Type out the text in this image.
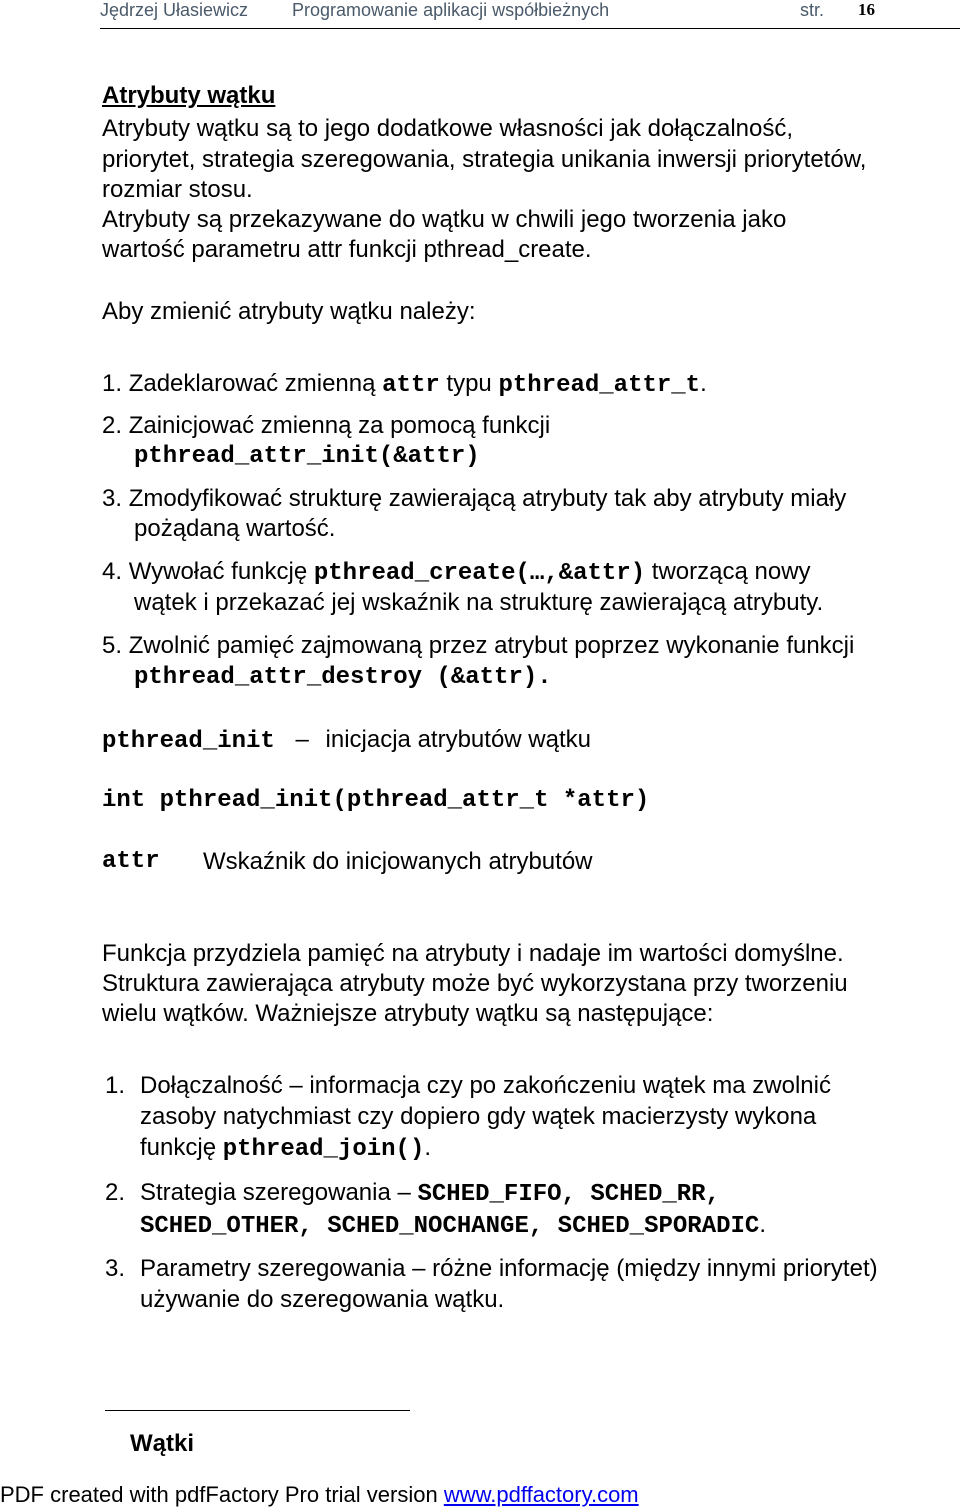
Jędrzej Ułasiewicz Programowanie aplikacji współbieżnych	str. 16
Atrybuty wątku
Atrybuty wątku są to jego dodatkowe własności jak dołączalność,
priorytet, strategia szeregowania, strategia unikania inwersji priorytetów,
rozmiar stosu.
Atrybuty są przekazywane do wątku w chwili jego tworzenia jako
wartość parametru attr funkcji pthread_create.
Aby zmienić atrybuty wątku należy:
1. Zadeklarować zmienną attr typu pthread_attr_t.
2. Zainicjować zmienną za pomocą funkcji
pthread_attr_init(&attr)
3. Zmodyfikować strukturę zawierającą atrybuty tak aby atrybuty miały
pożądaną wartość.
4. Wywołać funkcję pthread_create(…,&attr) tworzącą nowy
wątek i przekazać jej wskaźnik na strukturę zawierającą atrybuty.
5. Zwolnić pamięć zajmowaną przez atrybut poprzez wykonanie funkcji
pthread_attr_destroy (&attr).
pthread_init – inicjacja atrybutów wątku
int pthread_init(pthread_attr_t *attr)
attr Wskaźnik do inicjowanych atrybutów
Funkcja przydziela pamięć na atrybuty i nadaje im wartości domyślne.
Struktura zawierająca atrybuty może być wykorzystana przy tworzeniu
wielu wątków. Ważniejsze atrybuty wątku są następujące:
1. Dołączalność – informacja czy po zakończeniu wątek ma zwolnić
zasoby natychmiast czy dopiero gdy wątek macierzysty wykona
funkcję pthread_join().
2. Strategia szeregowania – SCHED_FIFO, SCHED_RR,
SCHED_OTHER, SCHED_NOCHANGE, SCHED_SPORADIC.
3. Parametry szeregowania – różne informację (między innymi priorytet)
używanie do szeregowania wątku.
Wątki
PDF created with pdfFactory Pro trial version www.pdffactory.com
